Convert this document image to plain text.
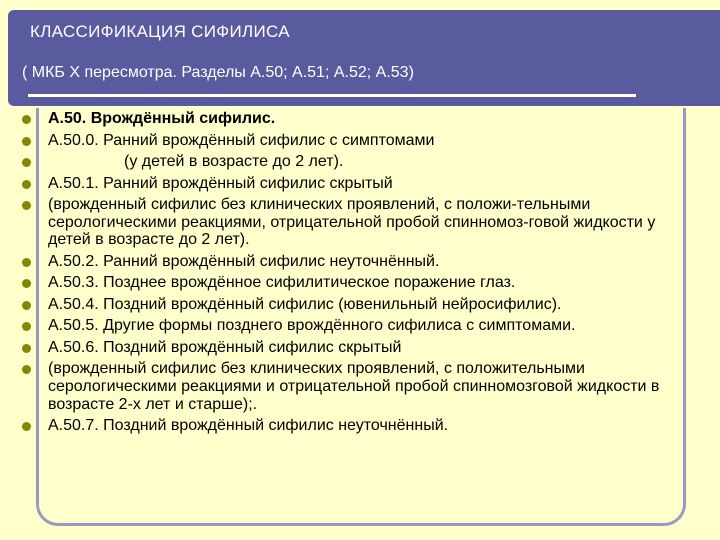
КЛАССИФИКАЦИЯ СИФИЛИСА
( МКБ X пересмотра. Разделы А.50; А.51; А.52; А.53)
А.50. Врождённый сифилис.
А.50.0. Ранний врождённый сифилис с симптомами
(у детей в возрасте до 2 лет).
А.50.1. Ранний врождённый сифилис скрытый
(врожденный сифилис без клинических проявлений, с положи-тельными серологическими реакциями, отрицательной пробой спинномоз-говой жидкости у детей в возрасте до 2 лет).
А.50.2. Ранний врождённый сифилис неуточнённый.
А.50.3. Позднее врождённое сифилитическое поражение глаз.
А.50.4. Поздний врождённый сифилис (ювенильный нейросифилис).
А.50.5. Другие формы позднего врождённого сифилиса с симптомами.
А.50.6. Поздний врождённый сифилис скрытый
(врожденный сифилис без клинических проявлений, с положительными серологическими реакциями и отрицательной пробой спинномозговой жидкости в возрасте 2-х лет и старше);.
А.50.7. Поздний врождённый сифилис неуточнённый.
